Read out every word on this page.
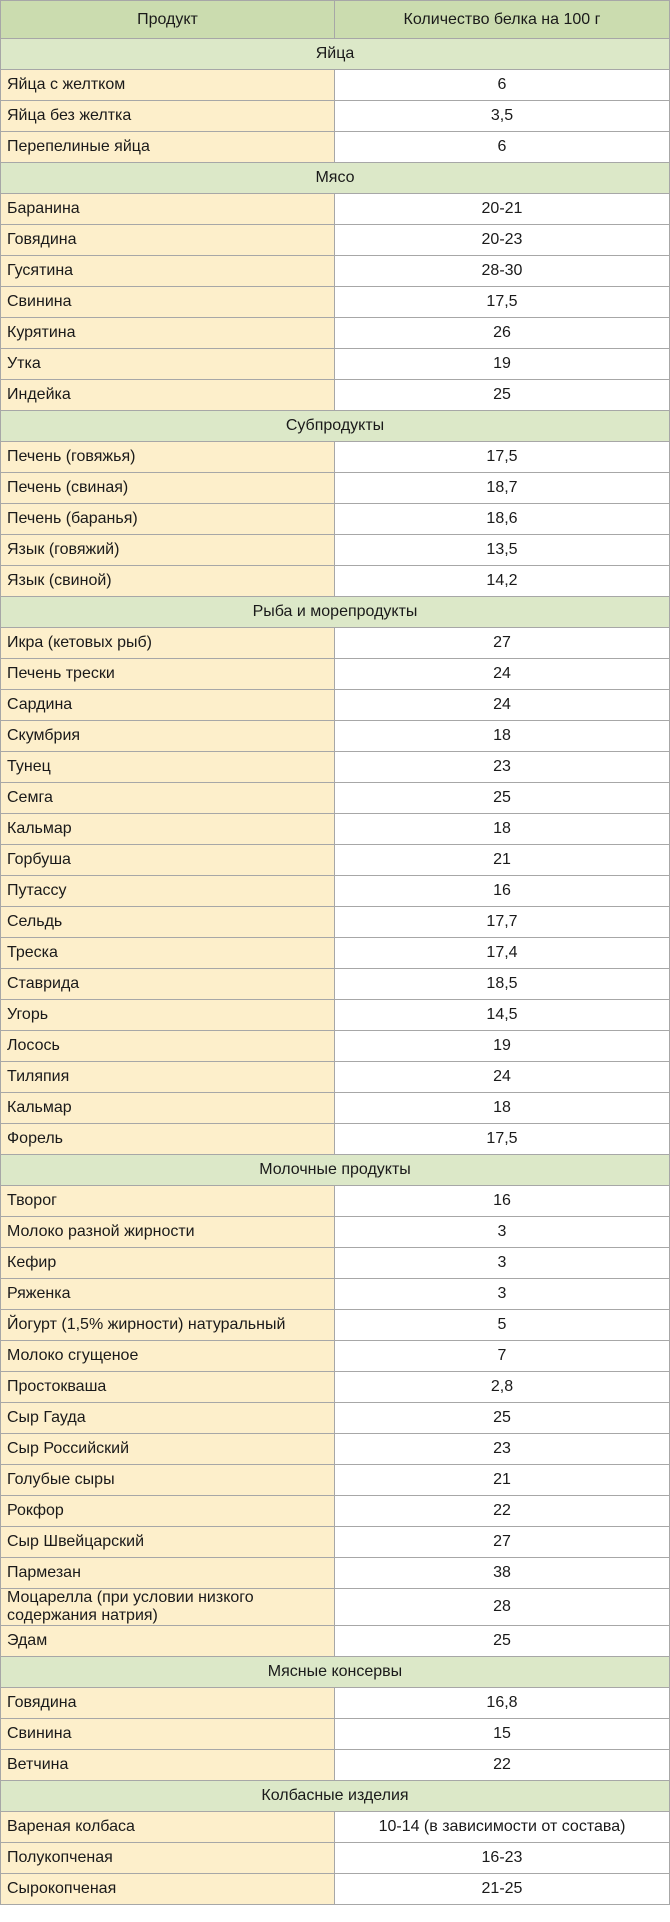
Продукт	Количество белка на 100 г
Яйца	
Яйца с желтком	6
Яйца без желтка	3,5
Перепелиные яйца	6
Мясо	
Баранина	20-21
Говядина	20-23
Гусятина	28-30
Свинина	17,5
Курятина	26
Утка	19
Индейка	25
Субпродукты	
Печень (говяжья)	17,5
Печень (свиная)	18,7
Печень (баранья)	18,6
Язык (говяжий)	13,5
Язык (свиной)	14,2
Рыба и морепродукты	
Икра (кетовых рыб)	27
Печень трески	24
Сардина	24
Скумбрия	18
Тунец	23
Семга	25
Кальмар	18
Горбуша	21
Путассу	16
Сельдь	17,7
Треска	17,4
Ставрида	18,5
Угорь	14,5
Лосось	19
Тиляпия	24
Кальмар	18
Форель	17,5
Молочные продукты	
Творог	16
Молоко разной жирности	3
Кефир	3
Ряженка	3
Йогурт (1,5% жирности) натуральный	5
Молоко сгущеное	7
Простокваша	2,8
Сыр Гауда	25
Сыр Российский	23
Голубые сыры	21
Рокфор	22
Сыр Швейцарский	27
Пармезан	38
Моцарелла (при условии низкого содержания натрия)	28
Эдам	25
Мясные консервы	
Говядина	16,8
Свинина	15
Ветчина	22
Колбасные изделия	
Вареная колбаса	10-14 (в зависимости от состава)
Полукопченая	16-23
Сырокопченая	21-25
